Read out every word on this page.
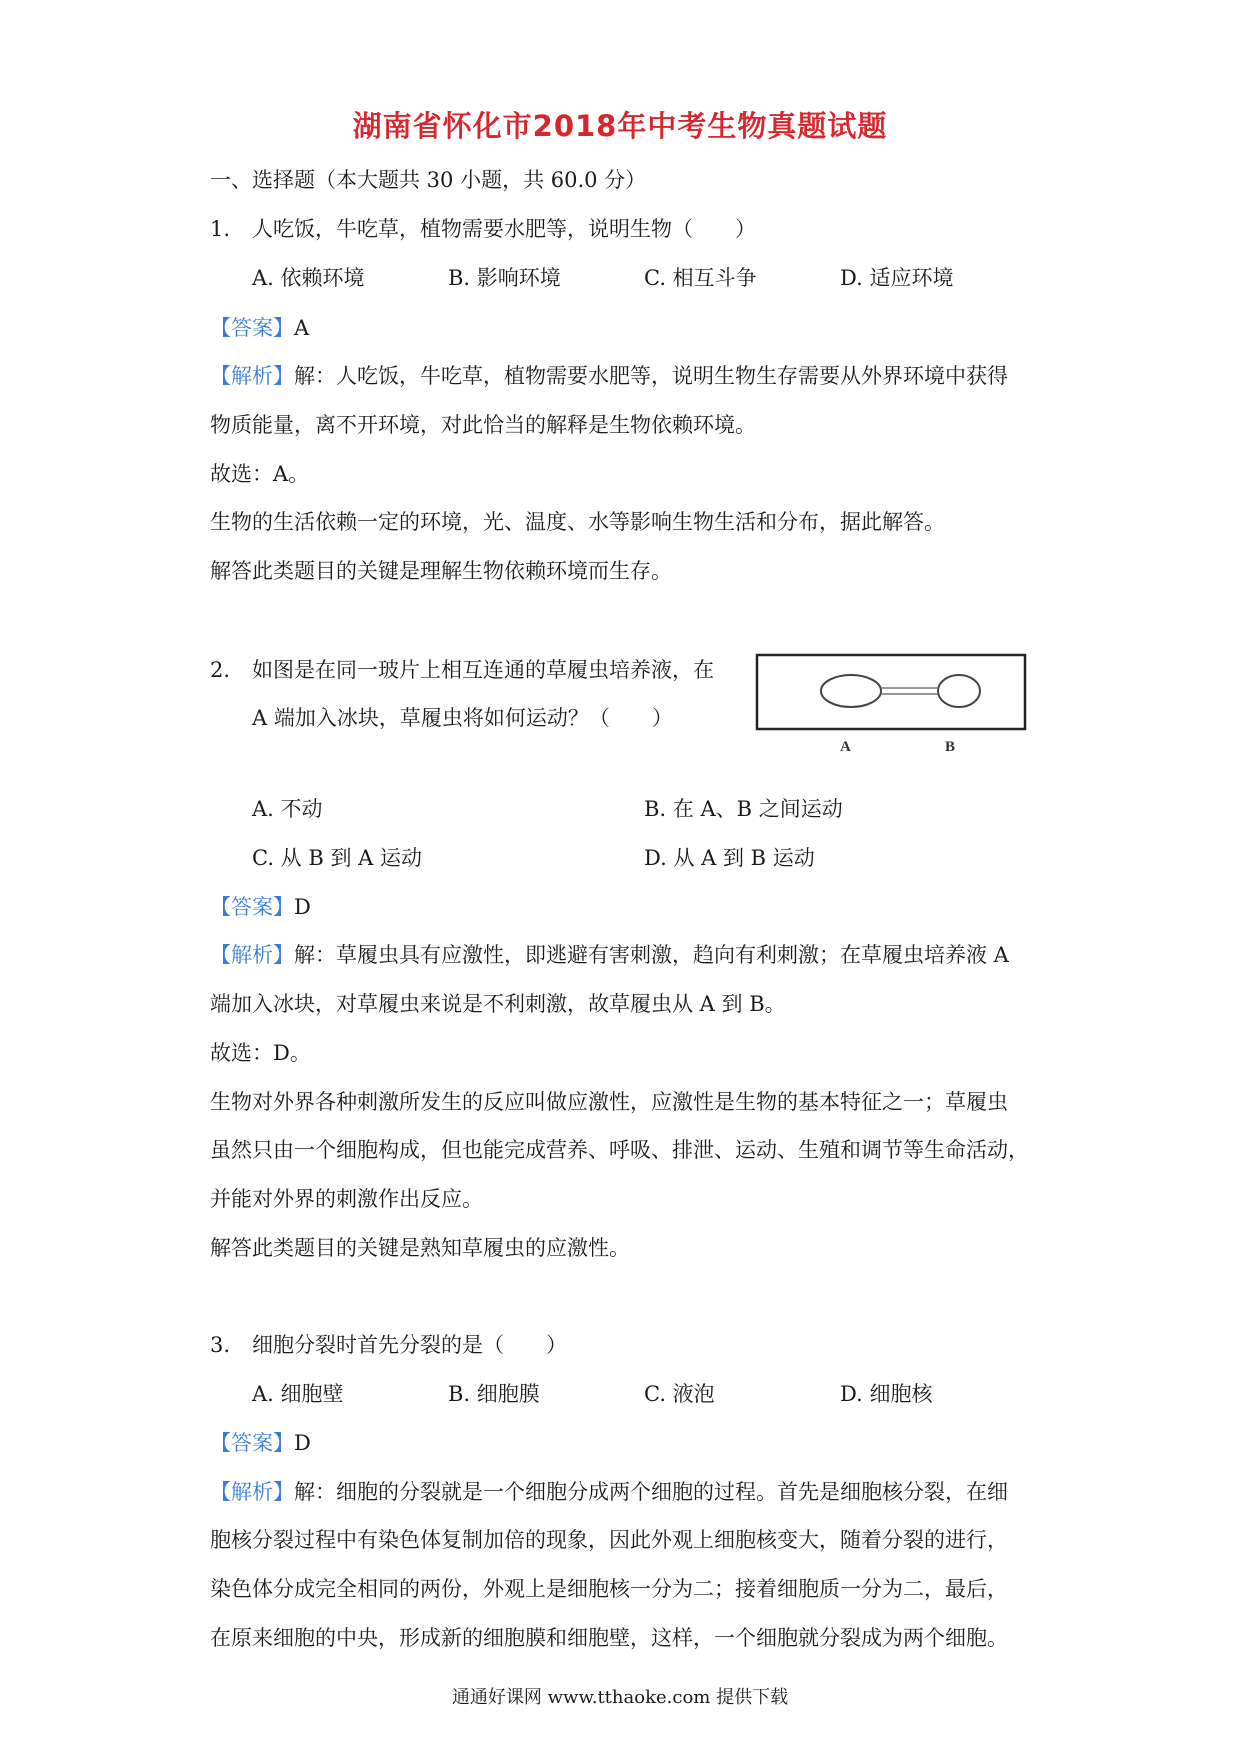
湖南省怀化市2018年中考生物真题试题
一、选择题（本大题共 30 小题，共 60.0 分）
1. 人吃饭，牛吃草，植物需要水肥等，说明生物（　　）
A. 依赖环境	B. 影响环境	C. 相互斗争	D. 适应环境
【答案】A
【解析】解：人吃饭，牛吃草，植物需要水肥等，说明生物生存需要从外界环境中获得
物质能量，离不开环境，对此恰当的解释是生物依赖环境。
故选：A。
生物的生活依赖一定的环境，光、温度、水等影响生物生活和分布，据此解答。
解答此类题目的关键是理解生物依赖环境而生存。
2. 如图是在同一玻片上相互连通的草履虫培养液，在
A 端加入冰块，草履虫将如何运动？（　　）
A	B
A. 不动	B. 在 A、B 之间运动
C. 从 B 到 A 运动	D. 从 A 到 B 运动
【答案】D
【解析】解：草履虫具有应激性，即逃避有害刺激，趋向有利刺激；在草履虫培养液 A
端加入冰块，对草履虫来说是不利刺激，故草履虫从 A 到 B。
故选：D。
生物对外界各种刺激所发生的反应叫做应激性，应激性是生物的基本特征之一；草履虫
虽然只由一个细胞构成，但也能完成营养、呼吸、排泄、运动、生殖和调节等生命活动，
并能对外界的刺激作出反应。
解答此类题目的关键是熟知草履虫的应激性。
3. 细胞分裂时首先分裂的是（　　）
A. 细胞壁	B. 细胞膜	C. 液泡	D. 细胞核
【答案】D
【解析】解：细胞的分裂就是一个细胞分成两个细胞的过程。首先是细胞核分裂，在细
胞核分裂过程中有染色体复制加倍的现象，因此外观上细胞核变大，随着分裂的进行，
染色体分成完全相同的两份，外观上是细胞核一分为二；接着细胞质一分为二，最后，
在原来细胞的中央，形成新的细胞膜和细胞壁，这样，一个细胞就分裂成为两个细胞。
通通好课网 www.tthaoke.com 提供下载
